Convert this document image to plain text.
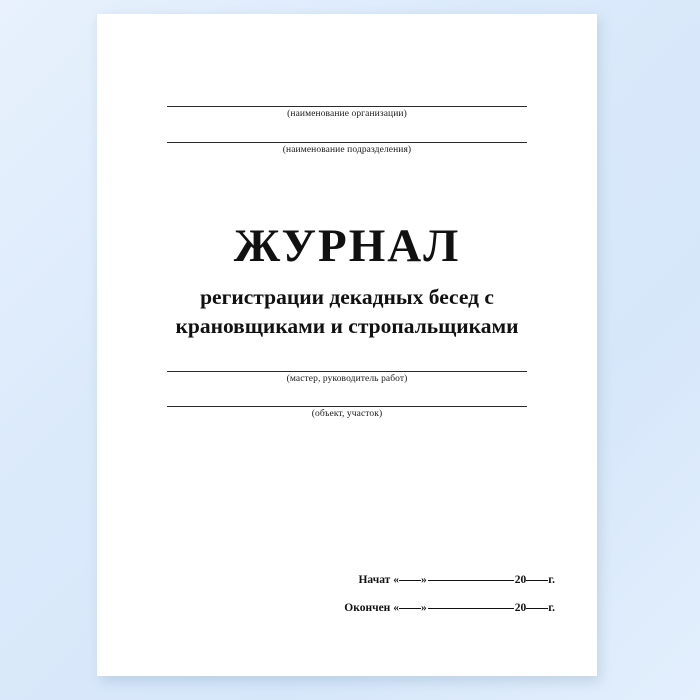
(наименование организации)
(наименование подразделения)
ЖУРНАЛ
регистрации декадных бесед с
крановщиками и стропальщиками
(мастер, руководитель работ)
(объект, участок)
Начат « »	20 г.
Окончен « »	20 г.
